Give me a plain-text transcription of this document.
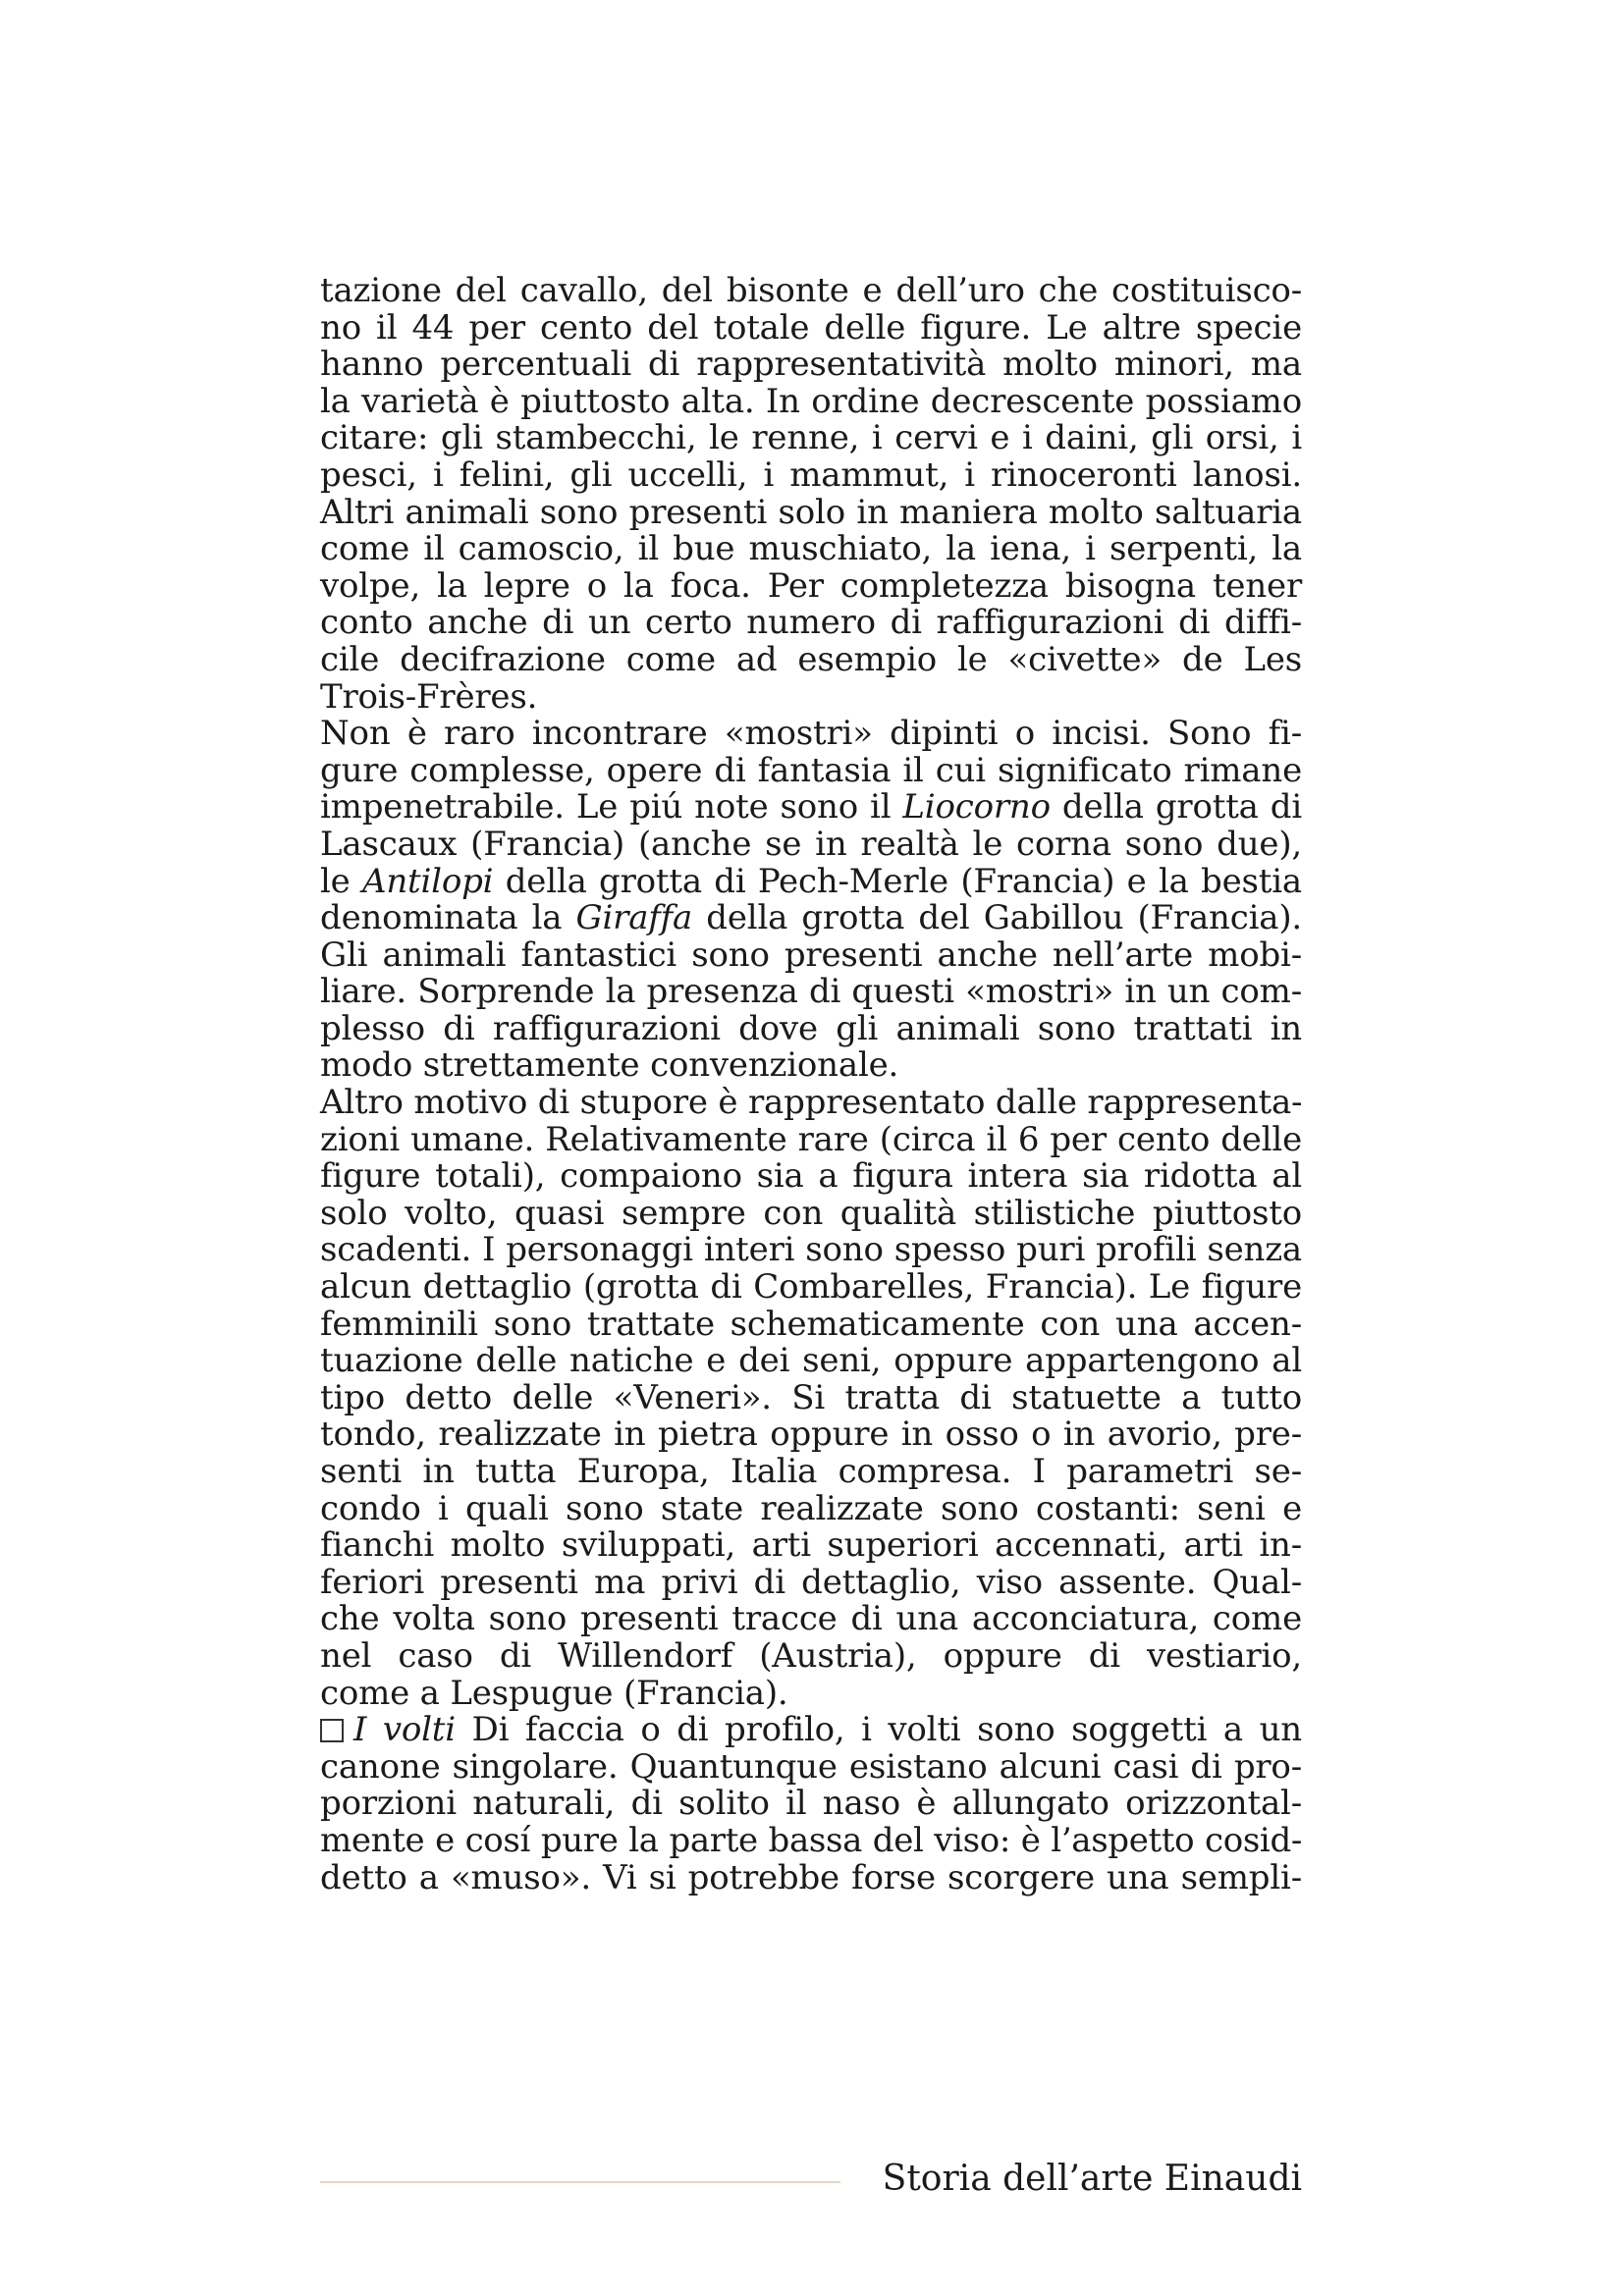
tazione del cavallo, del bisonte e dell’uro che costituisco-
no il 44 per cento del totale delle figure. Le altre specie
hanno percentuali di rappresentatività molto minori, ma
la varietà è piuttosto alta. In ordine decrescente possiamo
citare: gli stambecchi, le renne, i cervi e i daini, gli orsi, i
pesci, i felini, gli uccelli, i mammut, i rinoceronti lanosi.
Altri animali sono presenti solo in maniera molto saltuaria
come il camoscio, il bue muschiato, la iena, i serpenti, la
volpe, la lepre o la foca. Per completezza bisogna tener
conto anche di un certo numero di raffigurazioni di diffi-
cile decifrazione come ad esempio le «civette» de Les
Trois-Frères.
Non è raro incontrare «mostri» dipinti o incisi. Sono fi-
gure complesse, opere di fantasia il cui significato rimane
impenetrabile. Le piú note sono il Liocorno della grotta di
Lascaux (Francia) (anche se in realtà le corna sono due),
le Antilopi della grotta di Pech-Merle (Francia) e la bestia
denominata la Giraffa della grotta del Gabillou (Francia).
Gli animali fantastici sono presenti anche nell’arte mobi-
liare. Sorprende la presenza di questi «mostri» in un com-
plesso di raffigurazioni dove gli animali sono trattati in
modo strettamente convenzionale.
Altro motivo di stupore è rappresentato dalle rappresenta-
zioni umane. Relativamente rare (circa il 6 per cento delle
figure totali), compaiono sia a figura intera sia ridotta al
solo volto, quasi sempre con qualità stilistiche piuttosto
scadenti. I personaggi interi sono spesso puri profili senza
alcun dettaglio (grotta di Combarelles, Francia). Le figure
femminili sono trattate schematicamente con una accen-
tuazione delle natiche e dei seni, oppure appartengono al
tipo detto delle «Veneri». Si tratta di statuette a tutto
tondo, realizzate in pietra oppure in osso o in avorio, pre-
senti in tutta Europa, Italia compresa. I parametri se-
condo i quali sono state realizzate sono costanti: seni e
fianchi molto sviluppati, arti superiori accennati, arti in-
feriori presenti ma privi di dettaglio, viso assente. Qual-
che volta sono presenti tracce di una acconciatura, come
nel caso di Willendorf (Austria), oppure di vestiario,
come a Lespugue (Francia).
I volti Di faccia o di profilo, i volti sono soggetti a un
canone singolare. Quantunque esistano alcuni casi di pro-
porzioni naturali, di solito il naso è allungato orizzontal-
mente e cosí pure la parte bassa del viso: è l’aspetto cosid-
detto a «muso». Vi si potrebbe forse scorgere una sempli-
Storia dell’arte Einaudi
